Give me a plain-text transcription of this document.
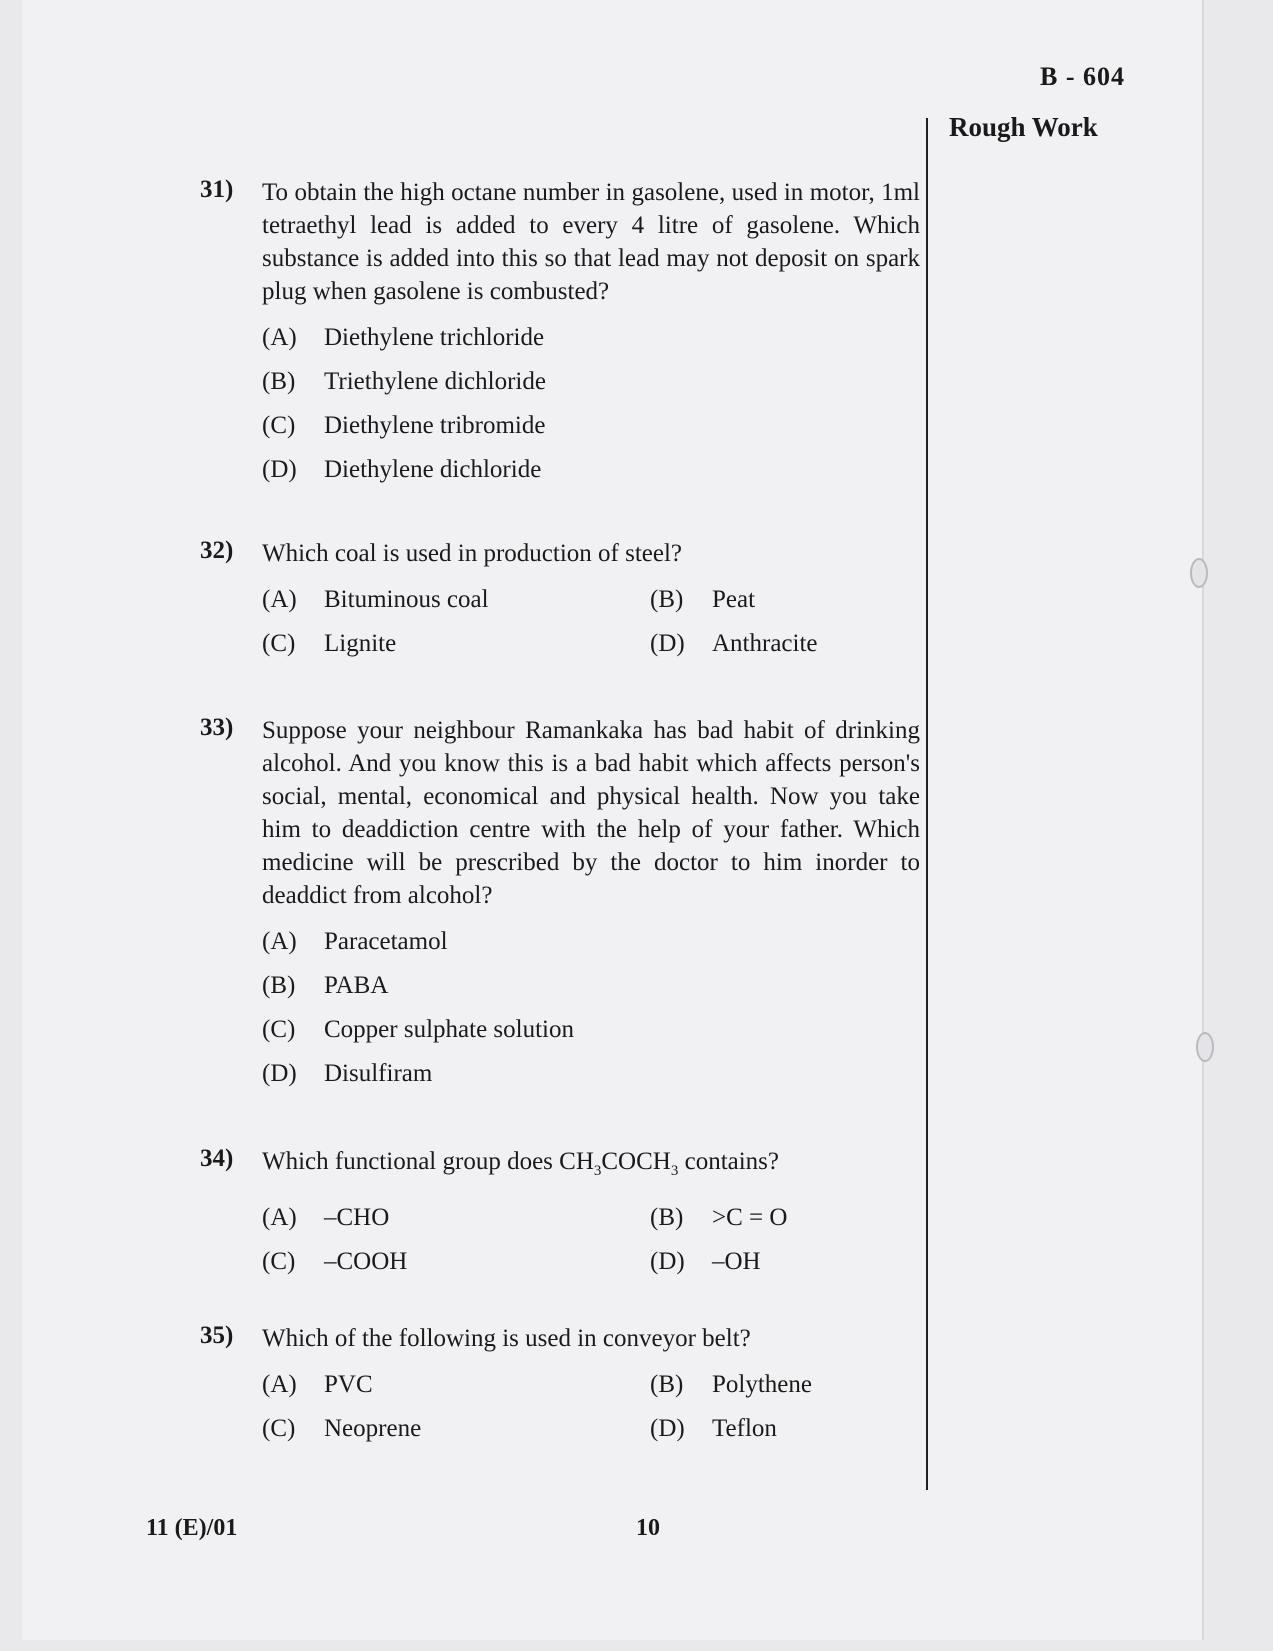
B - 604
Rough Work
31) To obtain the high octane number in gasolene, used in motor, 1ml tetraethyl lead is added to every 4 litre of gasolene. Which substance is added into this so that lead may not deposit on spark plug when gasolene is combusted?
(A) Diethylene trichloride
(B) Triethylene dichloride
(C) Diethylene tribromide
(D) Diethylene dichloride
32) Which coal is used in production of steel?
(A) Bituminous coal	(B) Peat
(C) Lignite	(D) Anthracite
33) Suppose your neighbour Ramankaka has bad habit of drinking alcohol. And you know this is a bad habit which affects person's social, mental, economical and physical health. Now you take him to deaddiction centre with the help of your father. Which medicine will be prescribed by the doctor to him inorder to deaddict from alcohol?
(A) Paracetamol
(B) PABA
(C) Copper sulphate solution
(D) Disulfiram
34) Which functional group does $CH_3COCH_3$ contains?
(A) –CHO	(B) >C = O
(C) –COOH	(D) –OH
35) Which of the following is used in conveyor belt?
(A) PVC	(B) Polythene
(C) Neoprene	(D) Teflon
11 (E)/01	10
